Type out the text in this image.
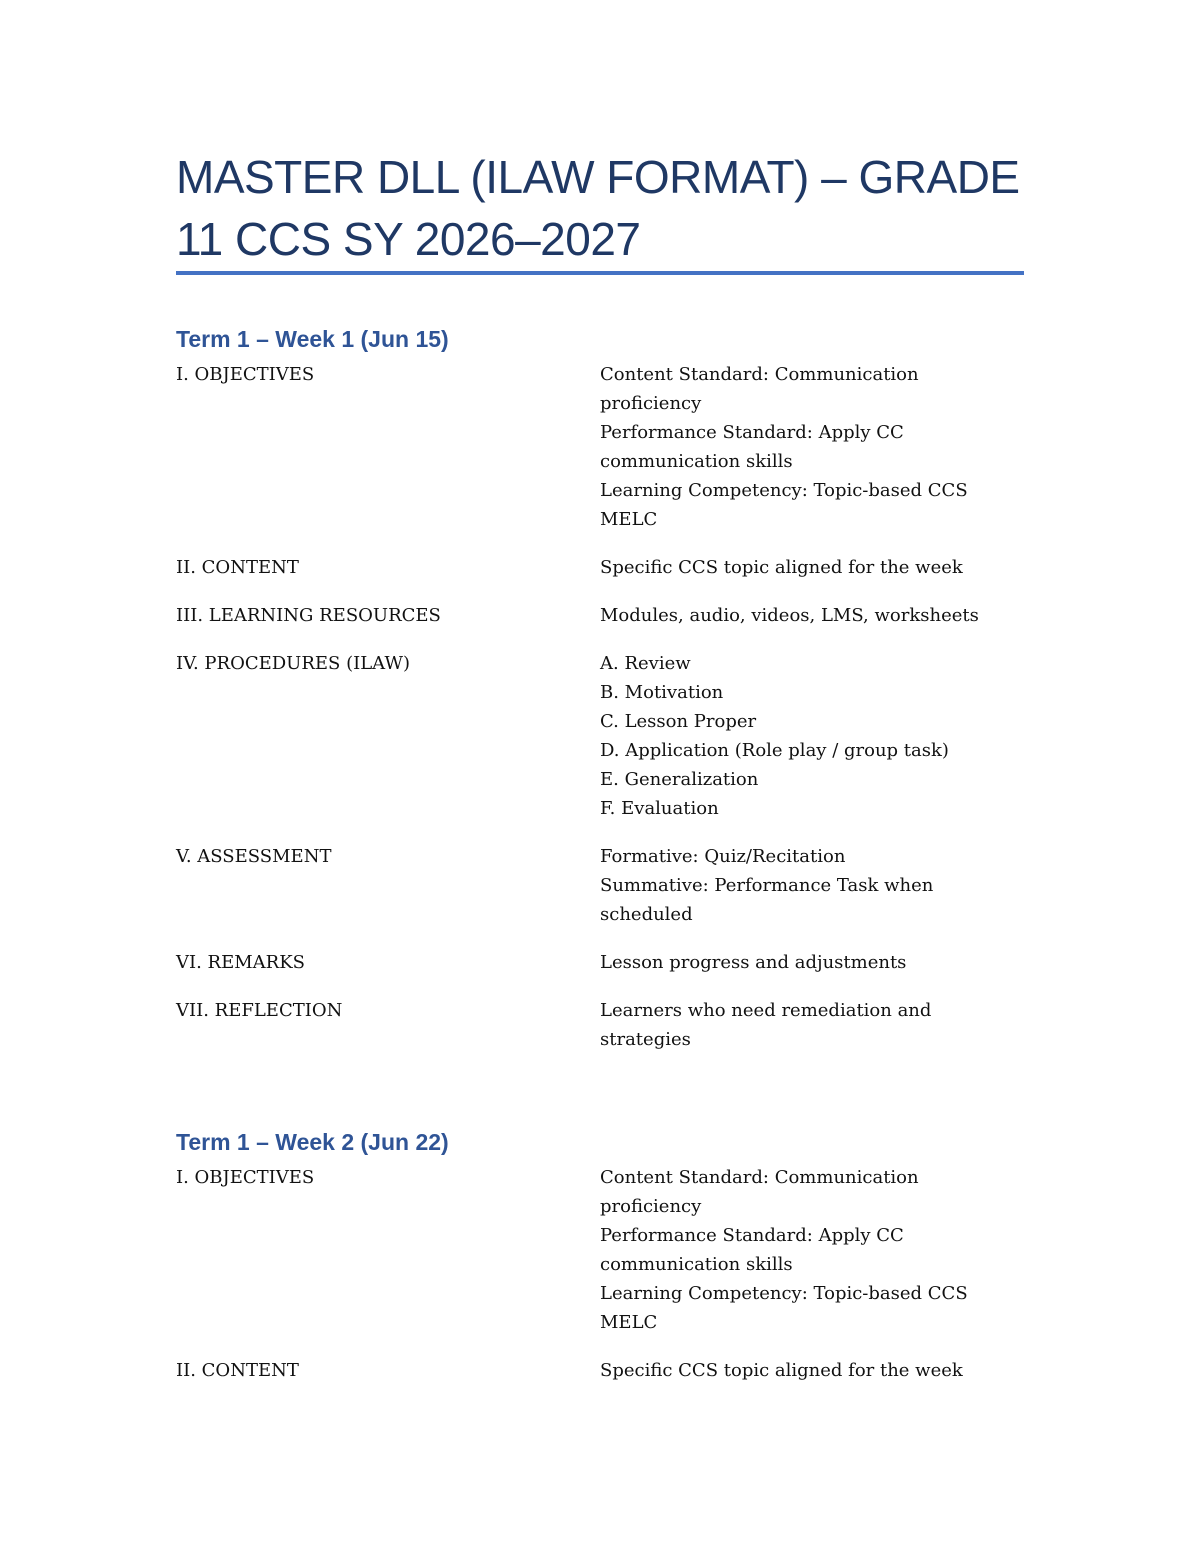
MASTER DLL (ILAW FORMAT) – GRADE 11 CCS SY 2026–2027
Term 1 – Week 1 (Jun 15)
I. OBJECTIVES	Content Standard: Communication proficiency
Performance Standard: Apply CC communication skills
Learning Competency: Topic-based CCS MELC
II. CONTENT	Specific CCS topic aligned for the week
III. LEARNING RESOURCES	Modules, audio, videos, LMS, worksheets
IV. PROCEDURES (ILAW)	A. Review
B. Motivation
C. Lesson Proper
D. Application (Role play / group task)
E. Generalization
F. Evaluation
V. ASSESSMENT	Formative: Quiz/Recitation
Summative: Performance Task when scheduled
VI. REMARKS	Lesson progress and adjustments
VII. REFLECTION	Learners who need remediation and strategies
Term 1 – Week 2 (Jun 22)
I. OBJECTIVES	Content Standard: Communication proficiency
Performance Standard: Apply CC communication skills
Learning Competency: Topic-based CCS MELC
II. CONTENT	Specific CCS topic aligned for the week
